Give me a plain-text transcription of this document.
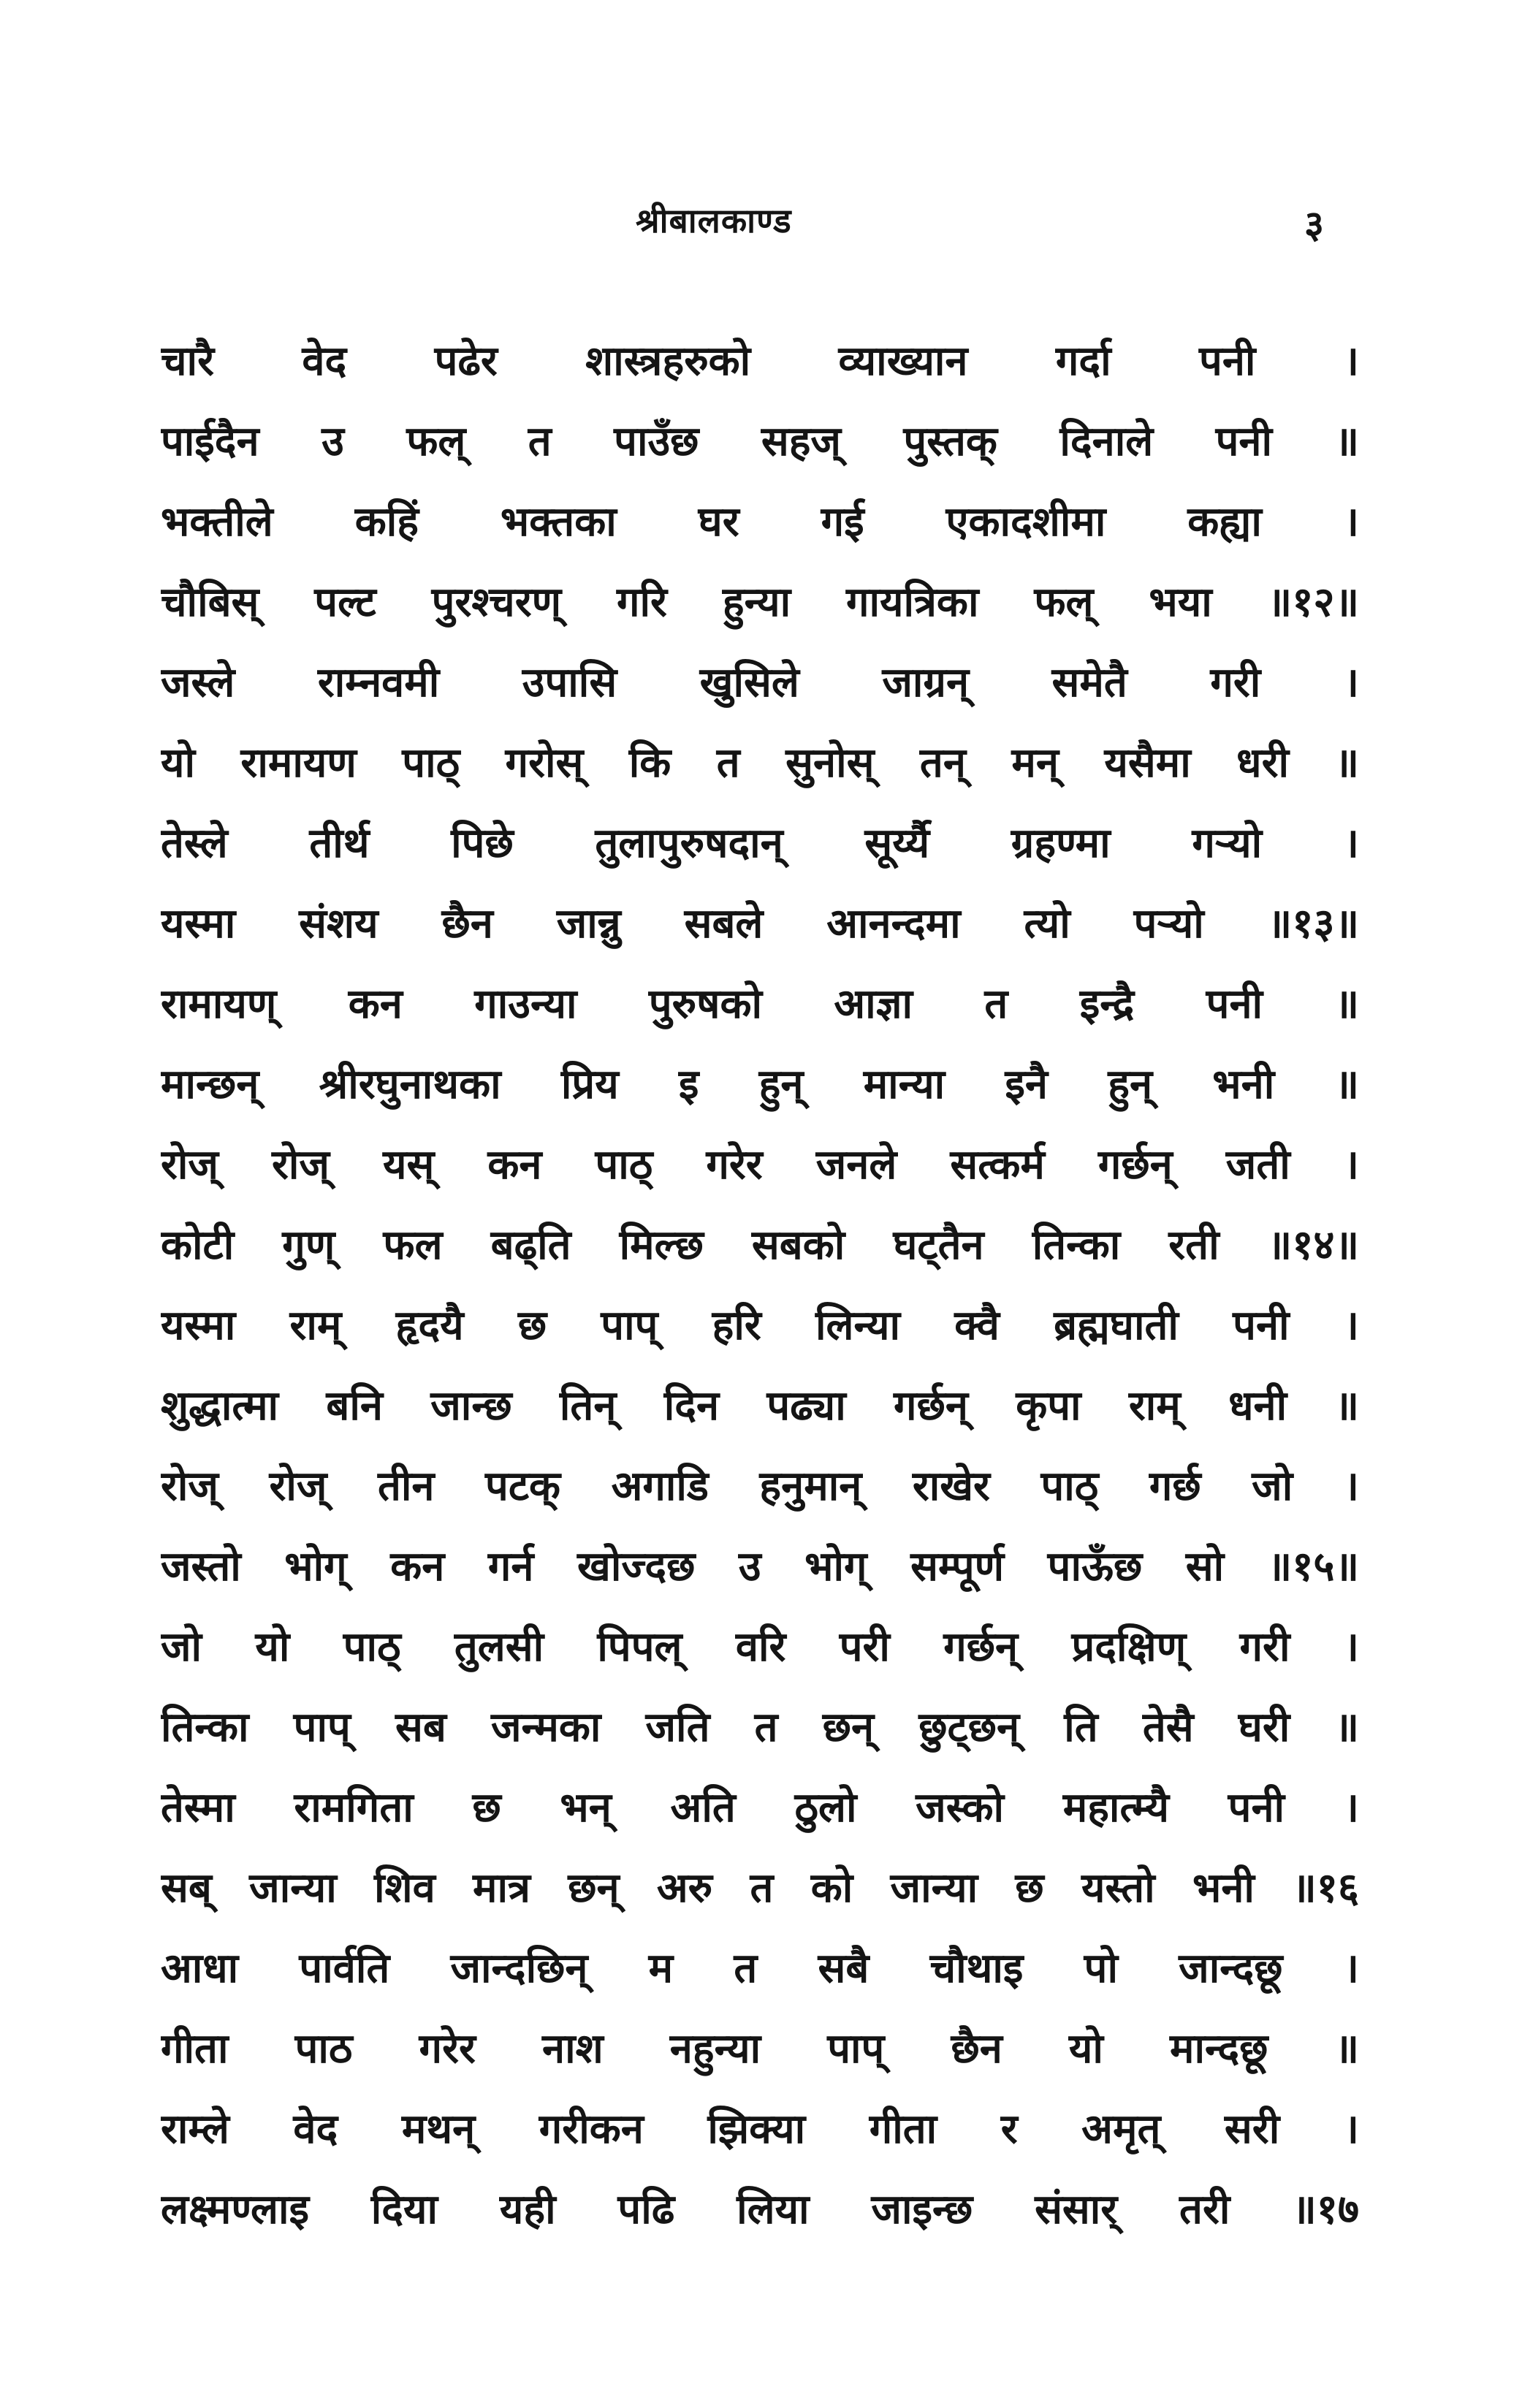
श्रीबालकाण्ड	३
चारै वेद पढेर शास्त्रहरुको व्याख्यान गर्दा पनी ।
पाईदैन उ फल् त पाउँछ सहज् पुस्तक् दिनाले पनी ॥
भक्तीले कहिं भक्तका घर गई एकादशीमा कह्या ।
चौबिस् पल्ट पुरश्चरण् गरि हुन्या गायत्रिका फल् भया ॥१२॥
जस्ले राम्नवमी उपासि खुसिले जाग्रन् समेतै गरी ।
यो रामायण पाठ् गरोस् कि त सुनोस् तन् मन् यसैमा धरी ॥
तेस्ले तीर्थ पिछे तुलापुरुषदान् सूर्य्यै ग्रहण्मा गऱ्यो ।
यस्मा संशय छैन जान्नु सबले आनन्दमा त्यो पऱ्यो ॥१३॥
रामायण् कन गाउन्या पुरुषको आज्ञा त इन्द्रै पनी ॥
मान्छन् श्रीरघुनाथका प्रिय इ हुन् मान्या इनै हुन् भनी ॥
रोज् रोज् यस् कन पाठ् गरेर जनले सत्कर्म गर्छन् जती ।
कोटी गुण् फल बढ्ति मिल्छ सबको घट्तैन तिन्का रती ॥१४॥
यस्मा राम् हृदयै छ पाप् हरि लिन्या क्वै ब्रह्मघाती पनी ।
शुद्धात्मा बनि जान्छ तिन् दिन पढ्या गर्छन् कृपा राम् धनी ॥
रोज् रोज् तीन पटक् अगाडि हनुमान् राखेर पाठ् गर्छ जो ।
जस्तो भोग् कन गर्न खोज्दछ उ भोग् सम्पूर्ण पाऊँछ सो ॥१५॥
जो यो पाठ् तुलसी पिपल् वरि परी गर्छन् प्रदक्षिण् गरी ।
तिन्का पाप् सब जन्मका जति त छन् छुट्छन् ति तेसै घरी ॥
तेस्मा रामगिता छ भन् अति ठुलो जस्को महात्म्यै पनी ।
सब् जान्या शिव मात्र छन् अरु त को जान्या छ यस्तो भनी ॥१६
आधा पार्वति जान्दछिन् म त सबै चौथाइ पो जान्दछू ।
गीता पाठ गरेर नाश नहुन्या पाप् छैन यो मान्दछू ॥
राम्ले वेद मथन् गरीकन झिक्या गीता र अमृत् सरी ।
लक्ष्मण्लाइ दिया यही पढि लिया जाइन्छ संसार् तरी ॥१७
